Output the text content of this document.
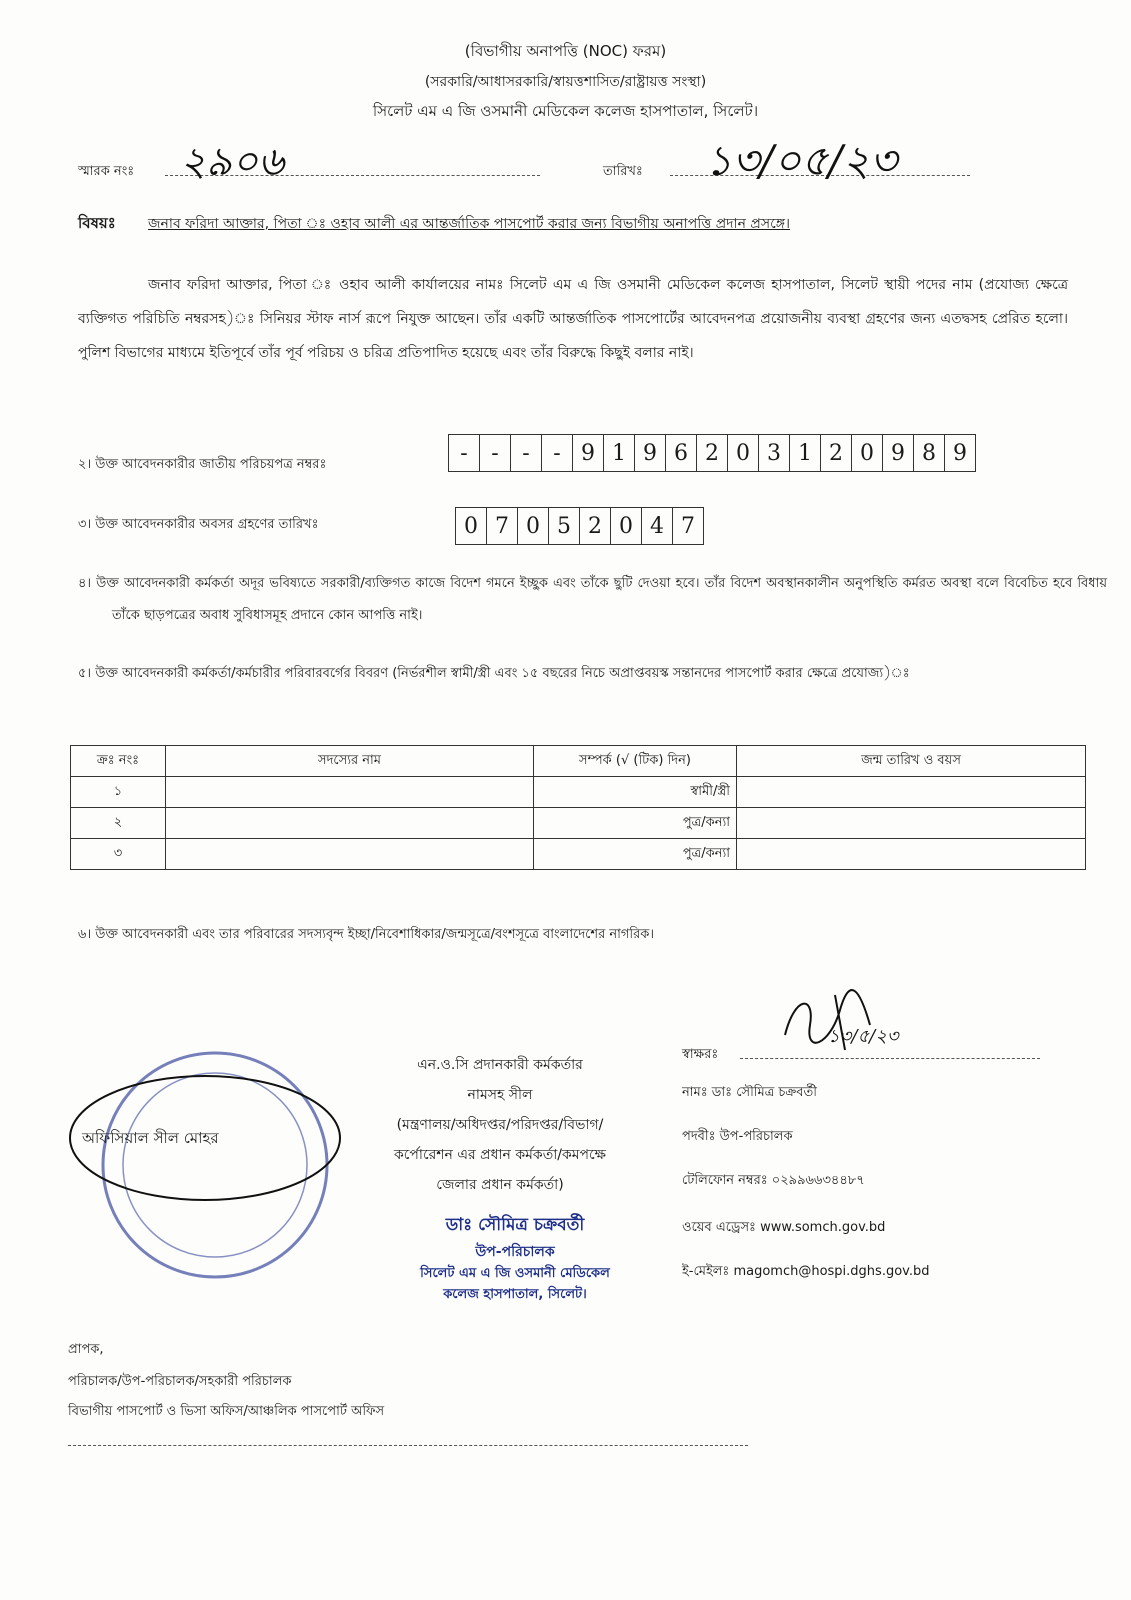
(বিভাগীয় অনাপত্তি (NOC) ফরম)
(সরকারি/আধাসরকারি/স্বায়ত্তশাসিত/রাষ্ট্রায়ত্ত সংস্থা)
সিলেট এম এ জি ওসমানী মেডিকেল কলেজ হাসপাতাল, সিলেট।
স্মারক নংঃ ২৯০৬	তারিখঃ ১৩/০৫/২৩
বিষয়ঃ জনাব ফরিদা আক্তার, পিতা ঃ ওহাব আলী এর আন্তর্জাতিক পাসপোর্ট করার জন্য বিভাগীয় অনাপত্তি প্রদান প্রসঙ্গে।
জনাব ফরিদা আক্তার, পিতা ঃ ওহাব আলী কার্যালয়ের নামঃ সিলেট এম এ জি ওসমানী মেডিকেল কলেজ হাসপাতাল, সিলেট স্থায়ী পদের নাম (প্রযোজ্য ক্ষেত্রে ব্যক্তিগত পরিচিতি নম্বরসহ)ঃ সিনিয়র স্টাফ নার্স রূপে নিযুক্ত আছেন। তাঁর একটি আন্তর্জাতিক পাসপোর্টের আবেদনপত্র প্রয়োজনীয় ব্যবস্থা গ্রহণের জন্য এতদ্বসহ প্রেরিত হলো। পুলিশ বিভাগের মাধ্যমে ইতিপূর্বে তাঁর পূর্ব পরিচয় ও চরিত্র প্রতিপাদিত হয়েছে এবং তাঁর বিরুদ্ধে কিছুই বলার নাই।
২। উক্ত আবেদনকারীর জাতীয় পরিচয়পত্র নম্বরঃ	-	-	-	- 9 1 9 6 2 0 3 1 2 0 9 8 9
৩। উক্ত আবেদনকারীর অবসর গ্রহণের তারিখঃ	0 7 0 5 2 0 4 7
৪। উক্ত আবেদনকারী কর্মকর্তা অদূর ভবিষ্যতে সরকারী/ব্যক্তিগত কাজে বিদেশ গমনে ইচ্ছুক এবং তাঁকে ছুটি দেওয়া হবে। তাঁর বিদেশ অবস্থানকালীন অনুপস্থিতি কর্মরত অবস্থা বলে বিবেচিত হবে বিধায় তাঁকে ছাড়পত্রের অবাধ সুবিধাসমূহ প্রদানে কোন আপত্তি নাই।
৫। উক্ত আবেদনকারী কর্মকর্তা/কর্মচারীর পরিবারবর্গের বিবরণ (নির্ভরশীল স্বামী/স্ত্রী এবং ১৫ বছরের নিচে অপ্রাপ্তবয়স্ক সন্তানদের পাসপোর্ট করার ক্ষেত্রে প্রযোজ্য)ঃ
ক্রঃ নংঃ	সদস্যের নাম	সম্পর্ক (√ (টিক) দিন)	জন্ম তারিখ ও বয়স
১		স্বামী/স্ত্রী	
২		পুত্র/কন্যা	
৩		পুত্র/কন্যা	
৬। উক্ত আবেদনকারী এবং তার পরিবারের সদস্যবৃন্দ ইচ্ছা/নিবেশাধিকার/জন্মসূত্রে/বংশসূত্রে বাংলাদেশের নাগরিক।
অফিসিয়াল সীল মোহর
এন.ও.সি প্রদানকারী কর্মকর্তার
নামসহ সীল
(মন্ত্রণালয়/অধিদপ্তর/পরিদপ্তর/বিভাগ/
কর্পোরেশন এর প্রধান কর্মকর্তা/কমপক্ষে
জেলার প্রধান কর্মকর্তা)
ডাঃ সৌমিত্র চক্রবর্তী
উপ-পরিচালক
সিলেট এম এ জি ওসমানী মেডিকেল
কলেজ হাসপাতাল, সিলেট।
স্বাক্ষরঃ
১৩/৫/২৩
নামঃ ডাঃ সৌমিত্র চক্রবর্তী
পদবীঃ উপ-পরিচালক
টেলিফোন নম্বরঃ ০২৯৯৬৬৩৪৪৮৭
ওয়েব এড্রেসঃ www.somch.gov.bd
ই-মেইলঃ magomch@hospi.dghs.gov.bd
প্রাপক,
পরিচালক/উপ-পরিচালক/সহকারী পরিচালক
বিভাগীয় পাসপোর্ট ও ভিসা অফিস/আঞ্চলিক পাসপোর্ট অফিস
